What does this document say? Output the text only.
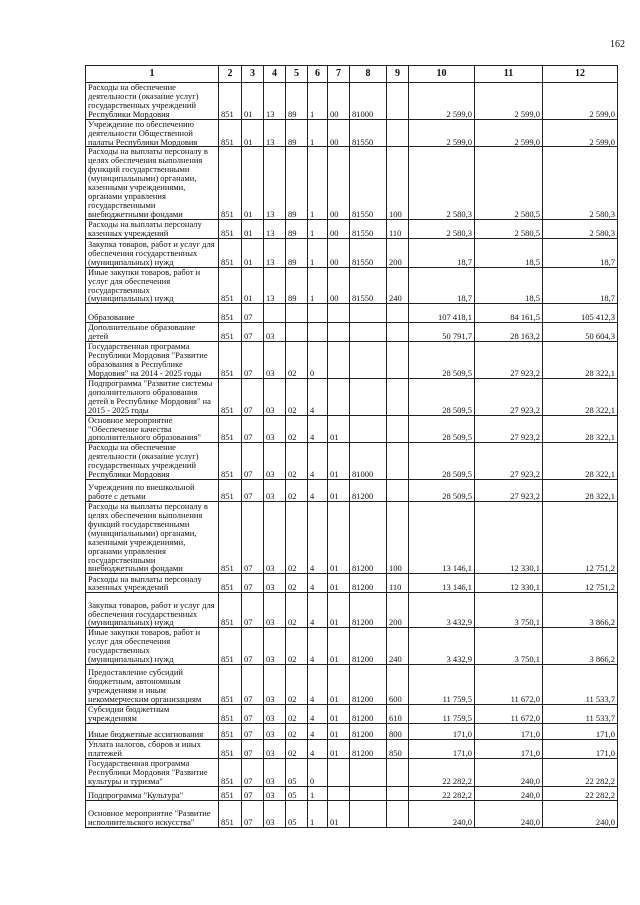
162
1	2	3	4	5	6	7	8	9	10	11	12
Расходы на обеспечение деятельности (оказание услуг) государственных учреждений Республики Мордовия	851	01	13	89	1	00	81000		2 599,0	2 599,0	2 599,0
Учреждение по обеспечению деятельности Общественной палаты Республики Мордовия	851	01	13	89	1	00	81550		2 599,0	2 599,0	2 599,0
Расходы на выплаты персоналу в целях обеспечения выполнения функций государственными (муниципальными) органами, казенными учреждениями, органами управления государственными внебюджетными фондами	851	01	13	89	1	00	81550	100	2 580,3	2 580,5	2 580,3
Расходы на выплаты персоналу казенных учреждений	851	01	13	89	1	00	81550	110	2 580,3	2 580,5	2 580,3
Закупка товаров, работ и услуг для обеспечения государственных (муниципальных) нужд	851	01	13	89	1	00	81550	200	18,7	18,5	18,7
Иные закупки товаров, работ и услуг для обеспечения государственных (муниципальных) нужд	851	01	13	89	1	00	81550	240	18,7	18,5	18,7
Образование	851	07							107 418,1	84 161,5	105 412,3
Дополнительное образование детей	851	07	03						50 791,7	28 163,2	50 604,3
Государственная программа Республики Мордовия "Развитие образования в Республике Мордовия" на 2014 - 2025 годы	851	07	03	02	0				28 509,5	27 923,2	28 322,1
Подпрограмма "Развитие системы дополнительного образования детей в Республике Мордовия" на 2015 - 2025 годы	851	07	03	02	4				28 509,5	27 923,2	28 322,1
Основное мероприятие "Обеспечение качества дополнительного образования"	851	07	03	02	4	01			28 509,5	27 923,2	28 322,1
Расходы на обеспечение деятельности (оказание услуг) государственных учреждений Республики Мордовия	851	07	03	02	4	01	81000		28 509,5	27 923,2	28 322,1
Учреждения по внешкольной работе с детьми	851	07	03	02	4	01	81200		28 509,5	27 923,2	28 322,1
Расходы на выплаты персоналу в целях обеспечения выполнения функций государственными (муниципальными) органами, казенными учреждениями, органами управления государственными внебюджетными фондами	851	07	03	02	4	01	81200	100	13 146,1	12 330,1	12 751,2
Расходы на выплаты персоналу казенных учреждений	851	07	03	02	4	01	81200	110	13 146,1	12 330,1	12 751,2
Закупка товаров, работ и услуг для обеспечения государственных (муниципальных) нужд	851	07	03	02	4	01	81200	200	3 432,9	3 750,1	3 866,2
Иные закупки товаров, работ и услуг для обеспечения государственных (муниципальных) нужд	851	07	03	02	4	01	81200	240	3 432,9	3 750,1	3 866,2
Предоставление субсидий бюджетным, автономным учреждениям и иным некоммерческим организациям	851	07	03	02	4	01	81200	600	11 759,5	11 672,0	11 533,7
Субсидии бюджетным учреждениям	851	07	03	02	4	01	81200	610	11 759,5	11 672,0	11 533,7
Иные бюджетные ассигнования	851	07	03	02	4	01	81200	800	171,0	171,0	171,0
Уплата налогов, сборов и иных платежей	851	07	03	02	4	01	81200	850	171,0	171,0	171,0
Государственная программа Республики Мордовия "Развитие культуры и туризма"	851	07	03	05	0				22 282,2	240,0	22 282,2
Подпрограмма "Культура"	851	07	03	05	1				22 282,2	240,0	22 282,2
Основное мероприятие "Развитие исполнительского искусства"	851	07	03	05	1	01			240,0	240,0	240,0
